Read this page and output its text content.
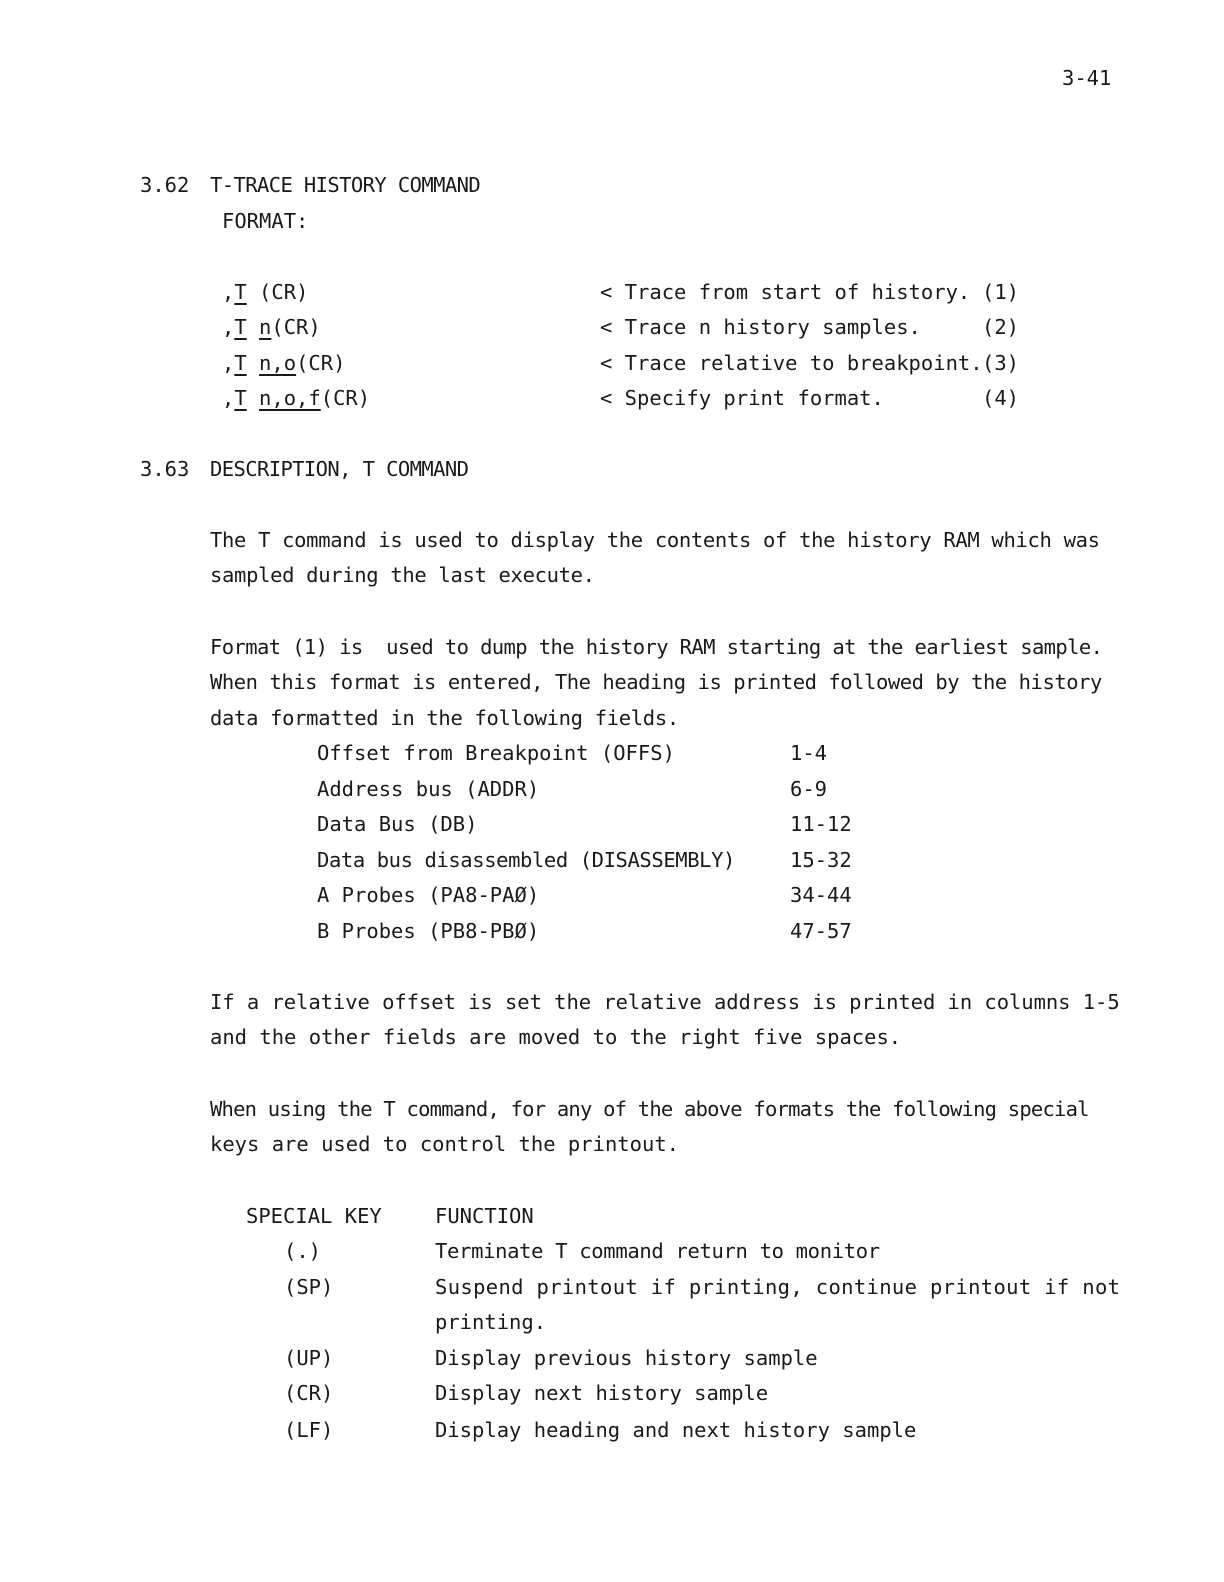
3-41
3.62 T-TRACE HISTORY COMMAND
FORMAT:
,T (CR)	< Trace from start of history. (1)
,T n(CR)	< Trace n history samples.	(2)
,T n,o(CR)	< Trace relative to breakpoint. (3)
,T n,o,f(CR)	< Specify print format.	(4)
3.63 DESCRIPTION, T COMMAND
The T command is used to display the contents of the history RAM which was
sampled during the last execute.
Format (1) is  used to dump the history RAM starting at the earliest sample.
When this format is entered, The heading is printed followed by the history
data formatted in the following fields.
Offset from Breakpoint (OFFS)	1-4
Address bus (ADDR)	6-9
Data Bus (DB)	11-12
Data bus disassembled (DISASSEMBLY)	15-32
A Probes (PA8-PAØ)	34-44
B Probes (PB8-PBØ)	47-57
If a relative offset is set the relative address is printed in columns 1-5
and the other fields are moved to the right five spaces.
When using the T command, for any of the above formats the following special
keys are used to control the printout.
SPECIAL KEY	FUNCTION
(.)	Terminate T command return to monitor
(SP)	Suspend printout if printing, continue printout if not
printing.
(UP)	Display previous history sample
(CR)	Display next history sample
(LF)	Display heading and next history sample
